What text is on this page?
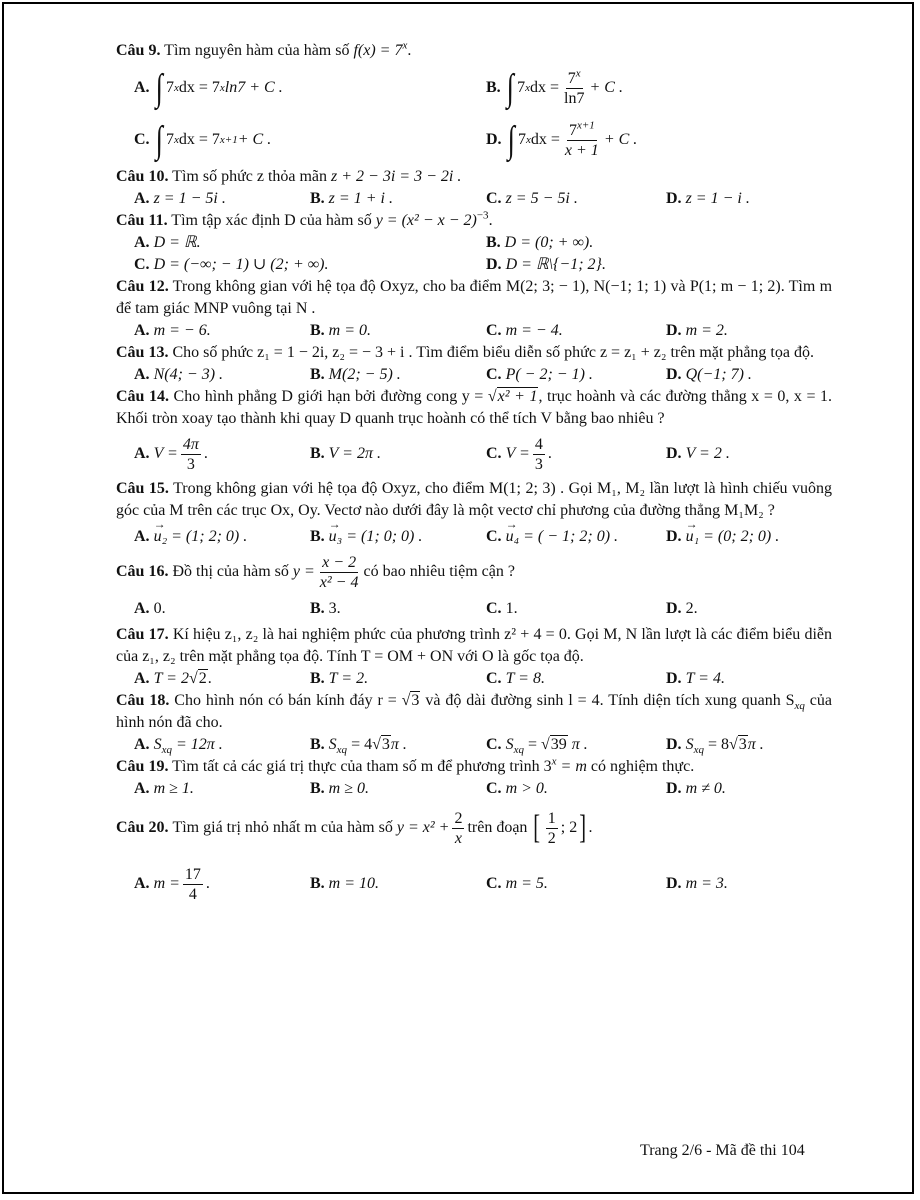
Câu 9. Tìm nguyên hàm của hàm số $f(x) = 7^x$.

A. ∫ 7 x dx = 7 x ln7 + C .	B. ∫ 7 x dx = $\frac{7^x}{\ln 7} + C$ .
C. ∫ 7 x dx = 7 x+1 + C .	D. ∫ 7 x dx = $\frac{7^{x+1}}{x + 1} + C$ .

Câu 10. Tìm số phức z thỏa mãn z + 2 − 3i = 3 − 2i .

A. z = 1 − 5i .	B. z = 1 + i .	C. z = 5 − 5i .	D. z = 1 − i .

Câu 11. Tìm tập xác định D của hàm số $y = (x^2 - x - 2)^{-3}$.

A. D = ℝ.	B. D = (0; + ∞).
C. D = (−∞; − 1) ∪ (2; + ∞).	D. D = ℝ\{−1; 2}.

Câu 12. Trong không gian với hệ tọa độ Oxyz, cho ba điểm M(2; 3; − 1), N(−1; 1; 1) và P(1; m − 1; 2). Tìm m để tam giác MNP vuông tại N .

A. m = − 6.	B. m = 0.	C. m = − 4.	D. m = 2.

Câu 13. Cho số phức z₁ = 1 − 2i, z₂ = − 3 + i . Tìm điểm biểu diễn số phức z = z₁ + z₂ trên mặt phẳng tọa độ.

A. N(4; − 3) .	B. M(2; − 5) .	C. P( − 2; − 1) .	D. Q(−1; 7) .

Câu 14. Cho hình phẳng D giới hạn bởi đường cong y = √x² + 1, trục hoành và các đường thẳng x = 0, x = 1. Khối tròn xoay tạo thành khi quay D quanh trục hoành có thể tích V bằng bao nhiêu ?

A. $V = \frac{4\pi}{3}$ .	B. V = 2π .	C. $V = \frac{4}{3}$ .	D. V = 2 .

Câu 15. Trong không gian với hệ tọa độ Oxyz, cho điểm M(1; 2; 3) . Gọi M₁, M₂ lần lượt là hình chiếu vuông góc của M trên các trục Ox, Oy. Vectơ nào dưới đây là một vectơ chỉ phương của đường thẳng M₁M₂ ?

A. → u₂ = (1; 2; 0) .	B. → u₃ = (1; 0; 0) .	C. → u₄ = ( − 1; 2; 0) .	D. → u₁ = (0; 2; 0) .
Câu 16.
Đồ thị của hàm số
$y = \frac{x - 2}{\text{x² − 4}}$ có bao nhiêu tiệm cận ?
A. 0.	B. 3.	C. 1.	D. 2.

Câu 17. Kí hiệu z₁, z₂ là hai nghiệm phức của phương trình z² + 4 = 0. Gọi M, N lần lượt là các điểm biểu diễn của z₁, z₂ trên mặt phẳng tọa độ. Tính T = OM + ON với O là gốc tọa độ.

A. T = 2√2.	B. T = 2.	C. T = 8.	D. T = 4.

Câu 18. Cho hình nón có bán kính đáy r = √3 và độ dài đường sinh l = 4. Tính diện tích xung quanh $S_{xq}$ của hình nón đã cho.

A. $S_{xq} = 12\pi$ .	B. $S_{xq} = 4√3\pi$ .	C. $S_{xq} = √39$ π .	D. $S_{xq} = 8√3\pi$ .

Câu 19. Tìm tất cả các giá trị thực của tham số m để phương trình $3^x = m$ có nghiệm thực.

A. m ≥ 1.	B. m ≥ 0.	C. m > 0.	D. m ≠ 0.
Câu 20.
Tìm giá trị nhỏ nhất m của hàm số
$y = x^2 + \frac{2}{x}$ trên đoạn
[ $\frac{1}{2}$ ; 2 ] .
A. $m = \frac{17}{4}$ .	B. m = 10.	C. m = 5.	D. m = 3.
Trang 2/6 - Mã đề thi 104
